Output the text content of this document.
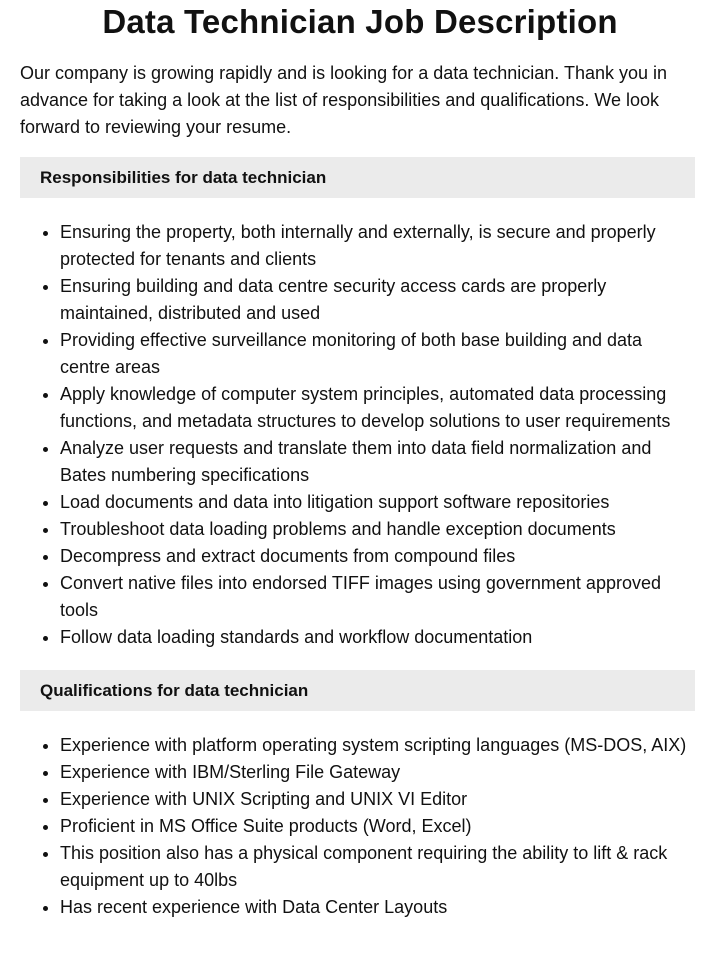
Data Technician Job Description

Our company is growing rapidly and is looking for a data technician. Thank you in advance for taking a look at the list of responsibilities and qualifications. We look forward to reviewing your resume.

Responsibilities for data technician
• Ensuring the property, both internally and externally, is secure and properly protected for tenants and clients
• Ensuring building and data centre security access cards are properly maintained, distributed and used
• Providing effective surveillance monitoring of both base building and data centre areas
• Apply knowledge of computer system principles, automated data processing functions, and metadata structures to develop solutions to user requirements
• Analyze user requests and translate them into data field normalization and Bates numbering specifications
• Load documents and data into litigation support software repositories
• Troubleshoot data loading problems and handle exception documents
• Decompress and extract documents from compound files
• Convert native files into endorsed TIFF images using government approved tools
• Follow data loading standards and workflow documentation
Qualifications for data technician
• Experience with platform operating system scripting languages (MS-DOS, AIX)
• Experience with IBM/Sterling File Gateway
• Experience with UNIX Scripting and UNIX VI Editor
• Proficient in MS Office Suite products (Word, Excel)
• This position also has a physical component requiring the ability to lift & rack equipment up to 40lbs
• Has recent experience with Data Center Layouts
